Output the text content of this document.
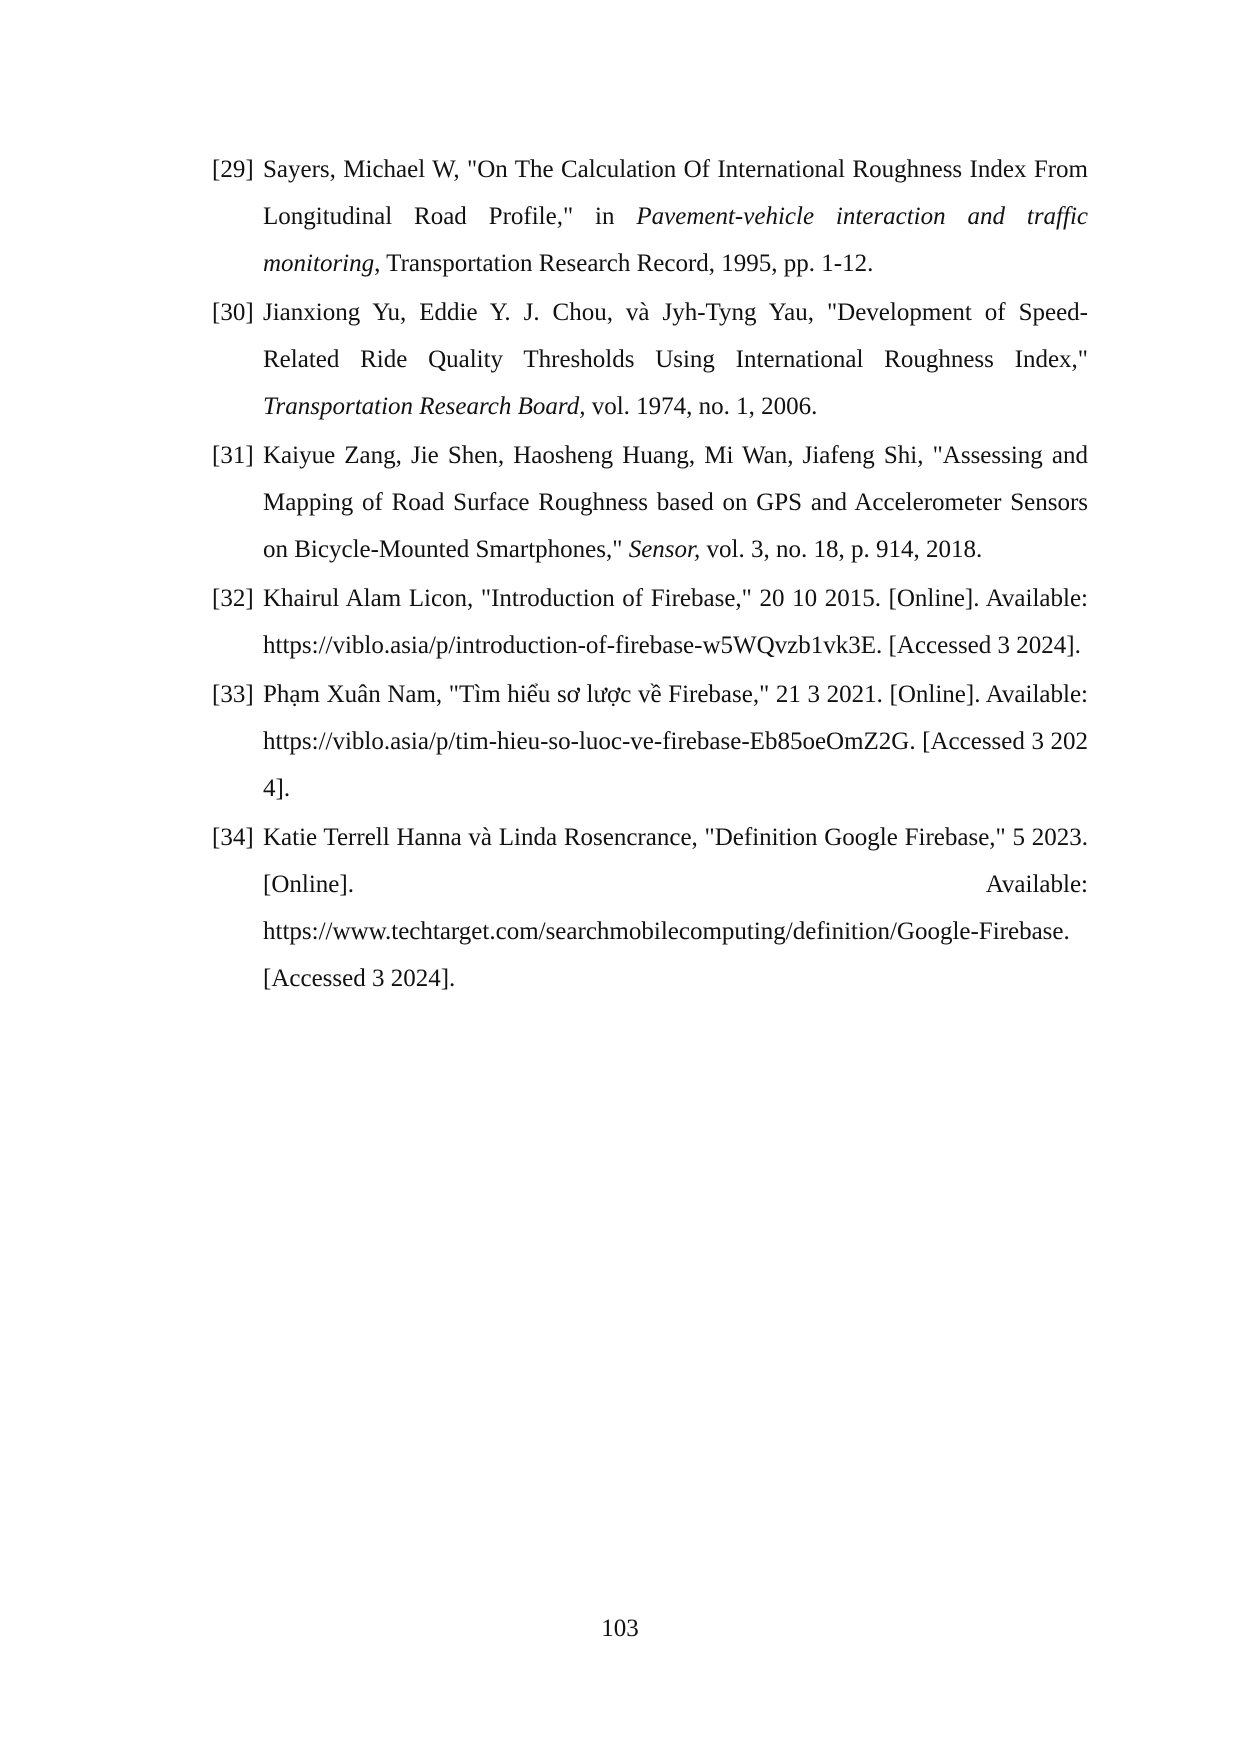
[29] Sayers, Michael W, "On The Calculation Of International Roughness Index From Longitudinal Road Profile," in Pavement-vehicle interaction and traffic monitoring, Transportation Research Record, 1995, pp. 1-12.
[30] Jianxiong Yu, Eddie Y. J. Chou, và Jyh-Tyng Yau, "Development of Speed-Related Ride Quality Thresholds Using International Roughness Index," Transportation Research Board, vol. 1974, no. 1, 2006.
[31] Kaiyue Zang, Jie Shen, Haosheng Huang, Mi Wan, Jiafeng Shi, "Assessing and Mapping of Road Surface Roughness based on GPS and Accelerometer Sensors on Bicycle-Mounted Smartphones," Sensor, vol. 3, no. 18, p. 914, 2018.
[32] Khairul Alam Licon, "Introduction of Firebase," 20 10 2015. [Online]. Available: https://viblo.asia/p/introduction-of-firebase-w5WQvzb1vk3E. [Accessed 3 2024].
[33] Phạm Xuân Nam, "Tìm hiểu sơ lược về Firebase," 21 3 2021. [Online]. Available: https://viblo.asia/p/tim-hieu-so-luoc-ve-firebase-Eb85oeOmZ2G. [Accessed 3 2024].
[34] Katie Terrell Hanna và Linda Rosencrance, "Definition Google Firebase," 5 2023. [Online]. Available: https://www.techtarget.com/searchmobilecomputing/definition/Google-Firebase. [Accessed 3 2024].
103
